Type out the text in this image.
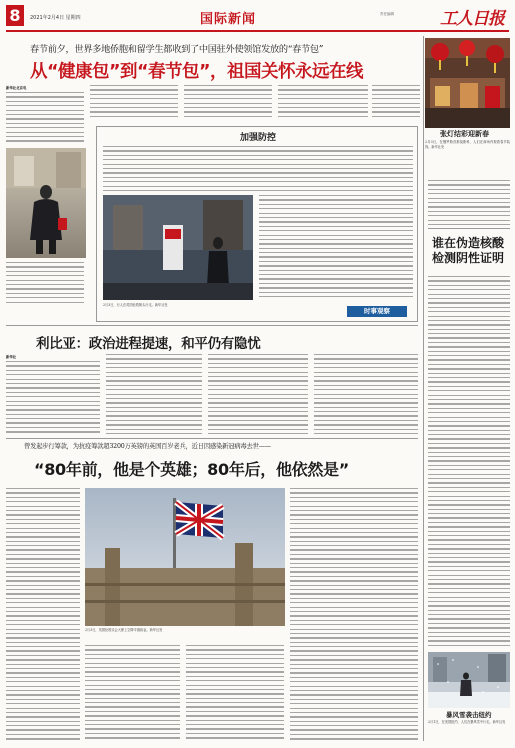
8	2021年2月4日 星期四	国际新闻	责任编辑	工人日报
春节前夕，世界多地侨胞和留学生都收到了中国驻外使领馆发放的“春节包”
从“健康包”到“春节包”，祖国关怀永远在线
新华社北京电
张灯结彩迎新春
2月3日，在俄罗斯首都莫斯科，人们在商场内观看春节装饰。新华社发
加强防控
2月3日，行人在英国伦敦街头行走。新华社发
时事观察
利比亚：政治进程提速，和平仍有隐忧
新华社
曾发起步行筹款，为抗疫筹款超3200万英镑的英国百岁老兵，近日因感染新冠病毒去世——
“80年前，他是个英雄；80年后，他依然是”
2月3日，英国伦敦议会大厦上空降半旗致哀。新华社发
谁在伪造核酸检测阴性证明
暴风雪袭击纽约
2月1日，在美国纽约，人们在暴风雪中行走。新华社发
